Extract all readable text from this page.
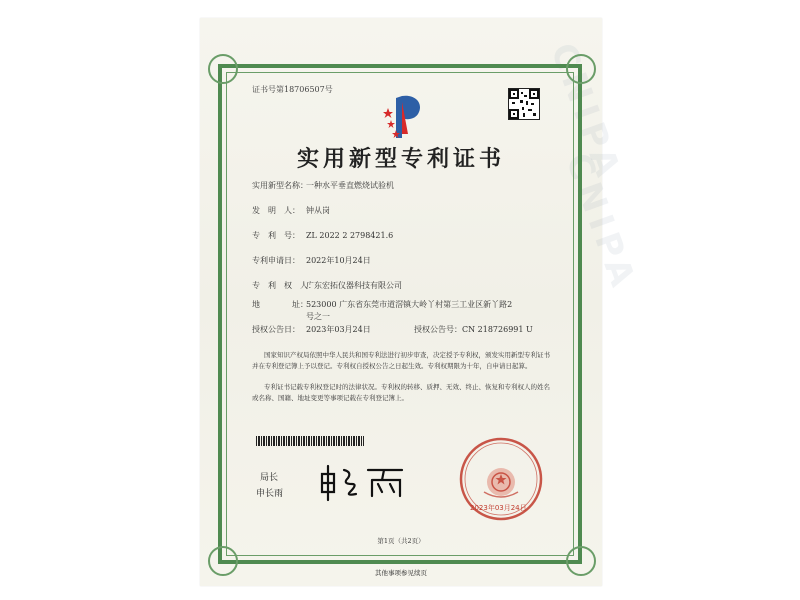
CNIPA
CNIPA
证书号第18706507号
实用新型专利证书
实用新型名称：一种水平垂直燃烧试验机
发　明　人： 钟从岗
专　利　号： ZL 2022 2 2798421.6
专利申请日： 2022年10月24日
专　利　权　人：广东宏拓仪器科技有限公司
地　　　　址：523000 广东省东莞市道滘镇大岭丫村第三工业区新丫路2
号之一
授权公告日： 2023年03月24日	授权公告号：CN 218726991 U
国家知识产权局依照中华人民共和国专利法进行初步审查，决定授予专利权，颁发实用新型专利证书并在专利登记簿上予以登记。专利权自授权公告之日起生效。专利权期限为十年，自申请日起算。
专利证书记载专利权登记时的法律状况。专利权的转移、质押、无效、终止、恢复和专利权人的姓名或名称、国籍、地址变更等事项记载在专利登记簿上。
局长
申长雨
2023年03月24日
第1页（共2页）
其他事项参见续页
